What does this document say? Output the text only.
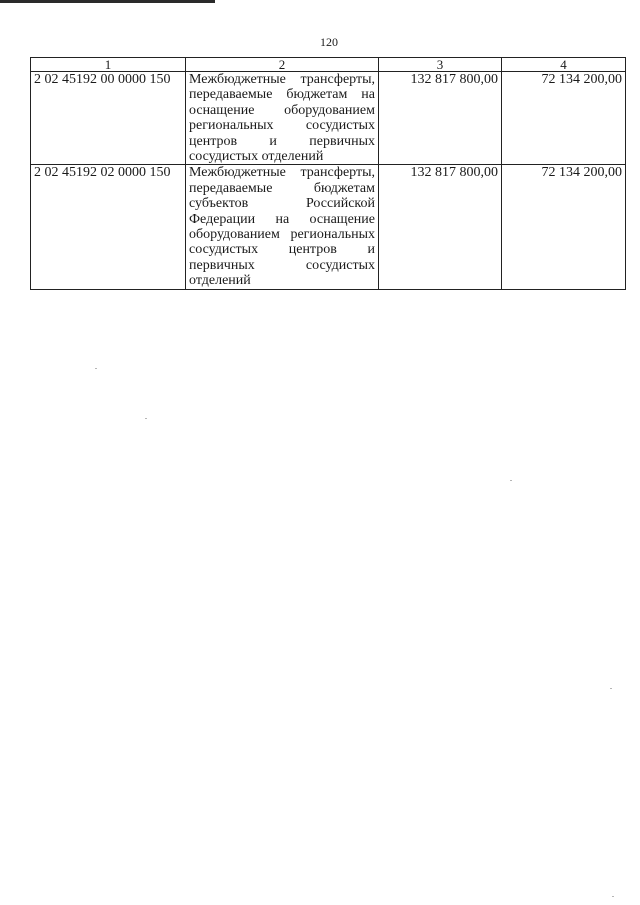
120
1	2	3	4
2 02 45192 00 0000 150	Межбюджетные трансферты, передаваемые бюджетам на оснащение оборудованием региональных сосудистых центров и первичных сосудистых отделений	132 817 800,00	72 134 200,00
2 02 45192 02 0000 150	Межбюджетные трансферты, передаваемые бюджетам субъектов Российской Федерации на оснащение оборудованием региональных сосудистых центров и первичных сосудистых отделений	132 817 800,00	72 134 200,00
